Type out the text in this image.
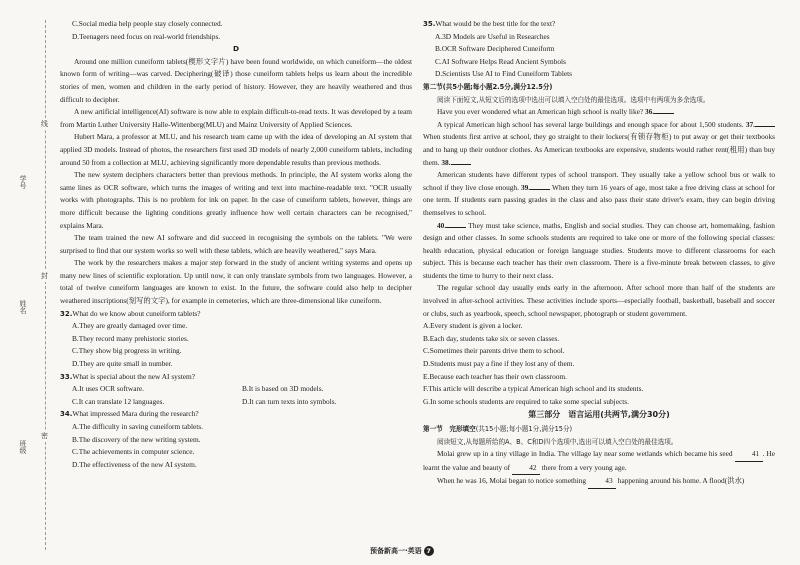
学号
姓名
班级
线
封
密

C.Social media help people stay closely connected.

D.Teenagers need focus on real-world friendships.

D

Around one million cuneiform tablets(楔形文字片) have been found worldwide, on which cuneiform—the oldest known form of writing—was carved. Deciphering(破译) those cuneiform tablets helps us learn about the incredible stories of men, women and children in the early period of history. However, they are heavily weathered and thus difficult to decipher.

A new artificial intelligence(AI) software is now able to explain difficult-to-read texts. It was developed by a team from Martin Luther University Halle-Wittenberg(MLU) and Mainz University of Applied Sciences.

Hubert Mara, a professor at MLU, and his research team came up with the idea of developing an AI system that applied 3D models. Instead of photos, the researchers first used 3D models of nearly 2,000 cuneiform tablets, including around 50 from a collection at MLU, achieving significantly more dependable results than previous methods.

The new system deciphers characters better than previous methods. In principle, the AI system works along the same lines as OCR software, which turns the images of writing and text into machine-readable text. "OCR usually works with photographs. This is no problem for ink on paper. In the case of cuneiform tablets, however, things are more difficult because the lighting conditions greatly influence how well certain characters can be recognised," explains Mara.

The team trained the new AI software and did succeed in recognising the symbols on the tablets. "We were surprised to find that our system works so well with these tablets, which are heavily weathered," says Mara.

The work by the researchers makes a major step forward in the study of ancient writing systems and opens up many new lines of scientific exploration. Up until now, it can only translate symbols from two languages. However, a total of twelve cuneiform languages are known to exist. In the future, the software could also help to decipher weathered inscriptions(刻写的文字), for example in cemeteries, which are three-dimensional like cuneiform.

32.What do we know about cuneiform tablets?

A.They are greatly damaged over time.

B.They record many prehistoric stories.

C.They show big progress in writing.

D.They are quite small in number.

33.What is special about the new AI system?

A.It uses OCR software.	B.It is based on 3D models.
C.It can translate 12 languages.	D.It can turn texts into symbols.

34.What impressed Mara during the research?

A.The difficulty in saving cuneiform tablets.

B.The discovery of the new writing system.

C.The achievements in computer science.

D.The effectiveness of the new AI system.

35.What would be the best title for the text?

A.3D Models are Useful in Researches

B.OCR Software Deciphered Cuneiform

C.AI Software Helps Read Ancient Symbols

D.Scientists Use AI to Find Cuneiform Tablets

第二节(共5小题;每小题2.5分,满分12.5分)

阅读下面短文,从短文后的选项中选出可以填入空白处的最佳选项。选项中有两项为多余选项。

Have you ever wondered what an American high school is really like? 36.

A typical American high school has several large buildings and enough space for about 1,500 students. 37. When students first arrive at school, they go straight to their lockers(有锁存物柜) to put away or get their textbooks and to hang up their outdoor clothes. As American textbooks are expensive, students would rather rent(租用) than buy them. 38.

American students have different types of school transport. They usually take a yellow school bus or walk to school if they live close enough. 39.	When they turn 16 years of age, most take a free driving class at school for one term. If students earn passing grades in the class and also pass their state driver's exam, they can begin driving themselves to school.

40.	They must take science, maths, English and social studies. They can choose art, homemaking, fashion design and other classes. In some schools students are required to take one or more of the following special classes: health education, physical education or foreign language studies. Students move to different classrooms for each subject. This is because each teacher has their own classroom. There is a five-minute break between classes, to give students the time to hurry to their next class.

The regular school day usually ends early in the afternoon. After school more than half of the students are involved in after-school activities. These activities include sports—especially football, basketball, baseball and soccer or clubs, such as yearbook, speech, school newspaper, photograph or student government.

A.Every student is given a locker.

B.Each day, students take six or seven classes.

C.Sometimes their parents drive them to school.

D.Students must pay a fine if they lost any of them.

E.Because each teacher has their own classroom.

F.This article will describe a typical American high school and its students.

G.In some schools students are required to take some special subjects.

第三部分　语言运用(共两节,满分30分)

第一节　完形填空(共15小题;每小题1分,满分15分)

阅读短文,从每题所给的A、B、C和D四个选项中,选出可以填入空白处的最佳选项。

Molai grew up in a tiny village in India. The village lay near some wetlands which became his seed	41 . He learnt the value and beauty of	42 there from a very young age.

When he was 16, Molai began to notice something	43 happening around his home. A flood(洪水)

预备新高一·英语 7
